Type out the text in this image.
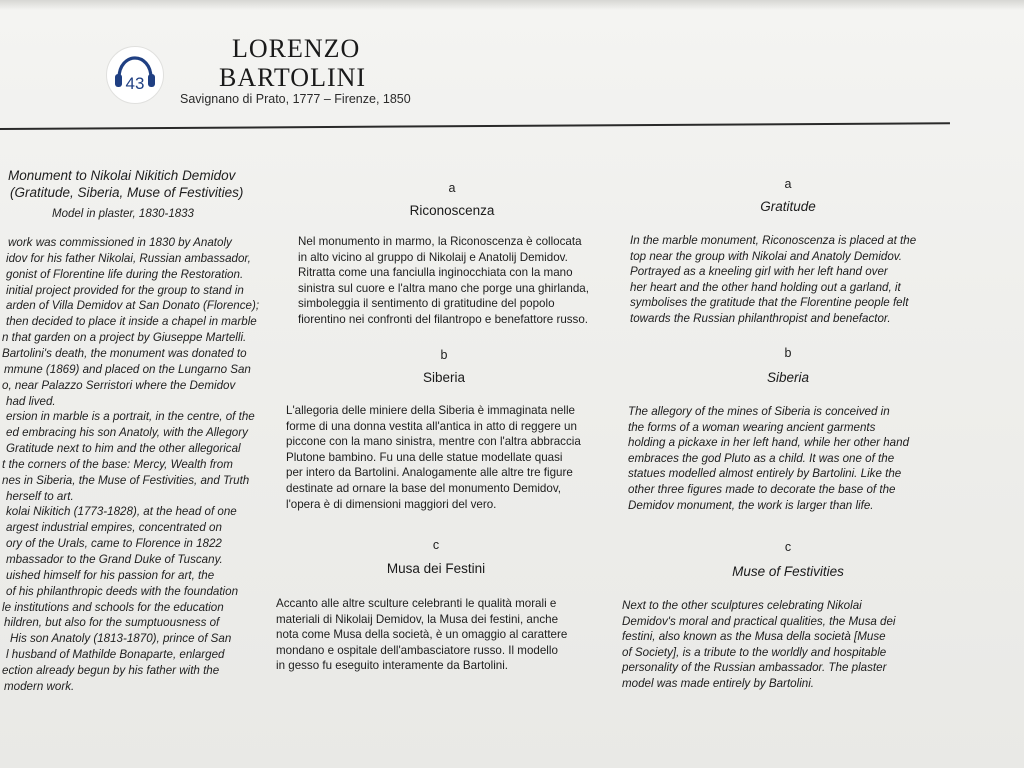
43
LORENZO
BARTOLINI
Savignano di Prato, 1777 – Firenze, 1850
Monument to Nikolai Nikitich Demidov
(Gratitude, Siberia, Muse of Festivities)
Model in plaster, 1830-1833
work was commissioned in 1830 by Anatoly
idov for his father Nikolai, Russian ambassador,
gonist of Florentine life during the Restoration.
initial project provided for the group to stand in
arden of Villa Demidov at San Donato (Florence);
then decided to place it inside a chapel in marble
n that garden on a project by Giuseppe Martelli.
Bartolini's death, the monument was donated to
mmune (1869) and placed on the Lungarno San
o, near Palazzo Serristori where the Demidov
had lived.
ersion in marble is a portrait, in the centre, of the
ed embracing his son Anatoly, with the Allegory
Gratitude next to him and the other allegorical
t the corners of the base: Mercy, Wealth from
nes in Siberia, the Muse of Festivities, and Truth
herself to art.
kolai Nikitich (1773-1828), at the head of one
argest industrial empires, concentrated on
ory of the Urals, came to Florence in 1822
mbassador to the Grand Duke of Tuscany.
uished himself for his passion for art, the
of his philanthropic deeds with the foundation
le institutions and schools for the education
hildren, but also for the sumptuousness of
His son Anatoly (1813-1870), prince of San
l husband of Mathilde Bonaparte, enlarged
ection already begun by his father with the
modern work.
a
Riconoscenza
Nel monumento in marmo, la Riconoscenza è collocata
in alto vicino al gruppo di Nikolaij e Anatolij Demidov.
Ritratta come una fanciulla inginocchiata con la mano
sinistra sul cuore e l'altra mano che porge una ghirlanda,
simboleggia il sentimento di gratitudine del popolo
fiorentino nei confronti del filantropo e benefattore russo.
b
Siberia
L'allegoria delle miniere della Siberia è immaginata nelle
forme di una donna vestita all'antica in atto di reggere un
piccone con la mano sinistra, mentre con l'altra abbraccia
Plutone bambino. Fu una delle statue modellate quasi
per intero da Bartolini. Analogamente alle altre tre figure
destinate ad ornare la base del monumento Demidov,
l'opera è di dimensioni maggiori del vero.
c
Musa dei Festini
Accanto alle altre sculture celebranti le qualità morali e
materiali di Nikolaij Demidov, la Musa dei festini, anche
nota come Musa della società, è un omaggio al carattere
mondano e ospitale dell'ambasciatore russo. Il modello
in gesso fu eseguito interamente da Bartolini.
a
Gratitude
In the marble monument, Riconoscenza is placed at the
top near the group with Nikolai and Anatoly Demidov.
Portrayed as a kneeling girl with her left hand over
her heart and the other hand holding out a garland, it
symbolises the gratitude that the Florentine people felt
towards the Russian philanthropist and benefactor.
b
Siberia
The allegory of the mines of Siberia is conceived in
the forms of a woman wearing ancient garments
holding a pickaxe in her left hand, while her other hand
embraces the god Pluto as a child. It was one of the
statues modelled almost entirely by Bartolini. Like the
other three figures made to decorate the base of the
Demidov monument, the work is larger than life.
c
Muse of Festivities
Next to the other sculptures celebrating Nikolai
Demidov's moral and practical qualities, the Musa dei
festini, also known as the Musa della società [Muse
of Society], is a tribute to the worldly and hospitable
personality of the Russian ambassador. The plaster
model was made entirely by Bartolini.
